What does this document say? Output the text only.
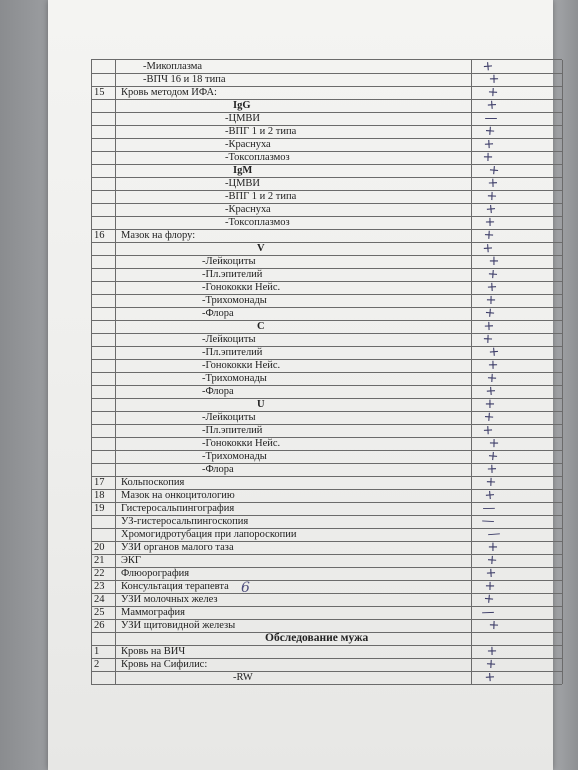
-Микоплазма	+
-ВПЧ 16 и 18 типа	+
15 Кровь методом ИФА:	+
IgG	+
-ЦМВИ	—
-ВПГ 1 и 2 типа	+
-Краснуха	+
-Токсоплазмоз	+
IgM	+
-ЦМВИ	+
-ВПГ 1 и 2 типа	+
-Краснуха	+
-Токсоплазмоз	+
16 Мазок на флору:	+
V	+
-Лейкоциты	+
-Пл.эпителий	+
-Гонококки Нейс.	+
-Трихомонады	+
-Флора	+
C	+
-Лейкоциты	+
-Пл.эпителий	+
-Гонококки Нейс.	+
-Трихомонады	+
-Флора	+
U	+
-Лейкоциты	+
-Пл.эпителий	+
-Гонококки Нейс.	+
-Трихомонады	+
-Флора	+
17 Кольпоскопия	+
18 Мазок на онкоцитологию	+
19 Гистеросальпингография	—
УЗ-гистеросальпингоскопия	—
Хромогидротубация при лапороскопии	—
20 УЗИ органов малого таза	+
21 ЭКГ	+
22 Флюорография	+
23 Консультация терапевта	+
24 УЗИ молочных желез	+
25 Маммография	—
26 УЗИ щитовидной железы	+
Обследование мужа
1 Кровь на ВИЧ	+
2 Кровь на Сифилис:	+
-RW	+
6
